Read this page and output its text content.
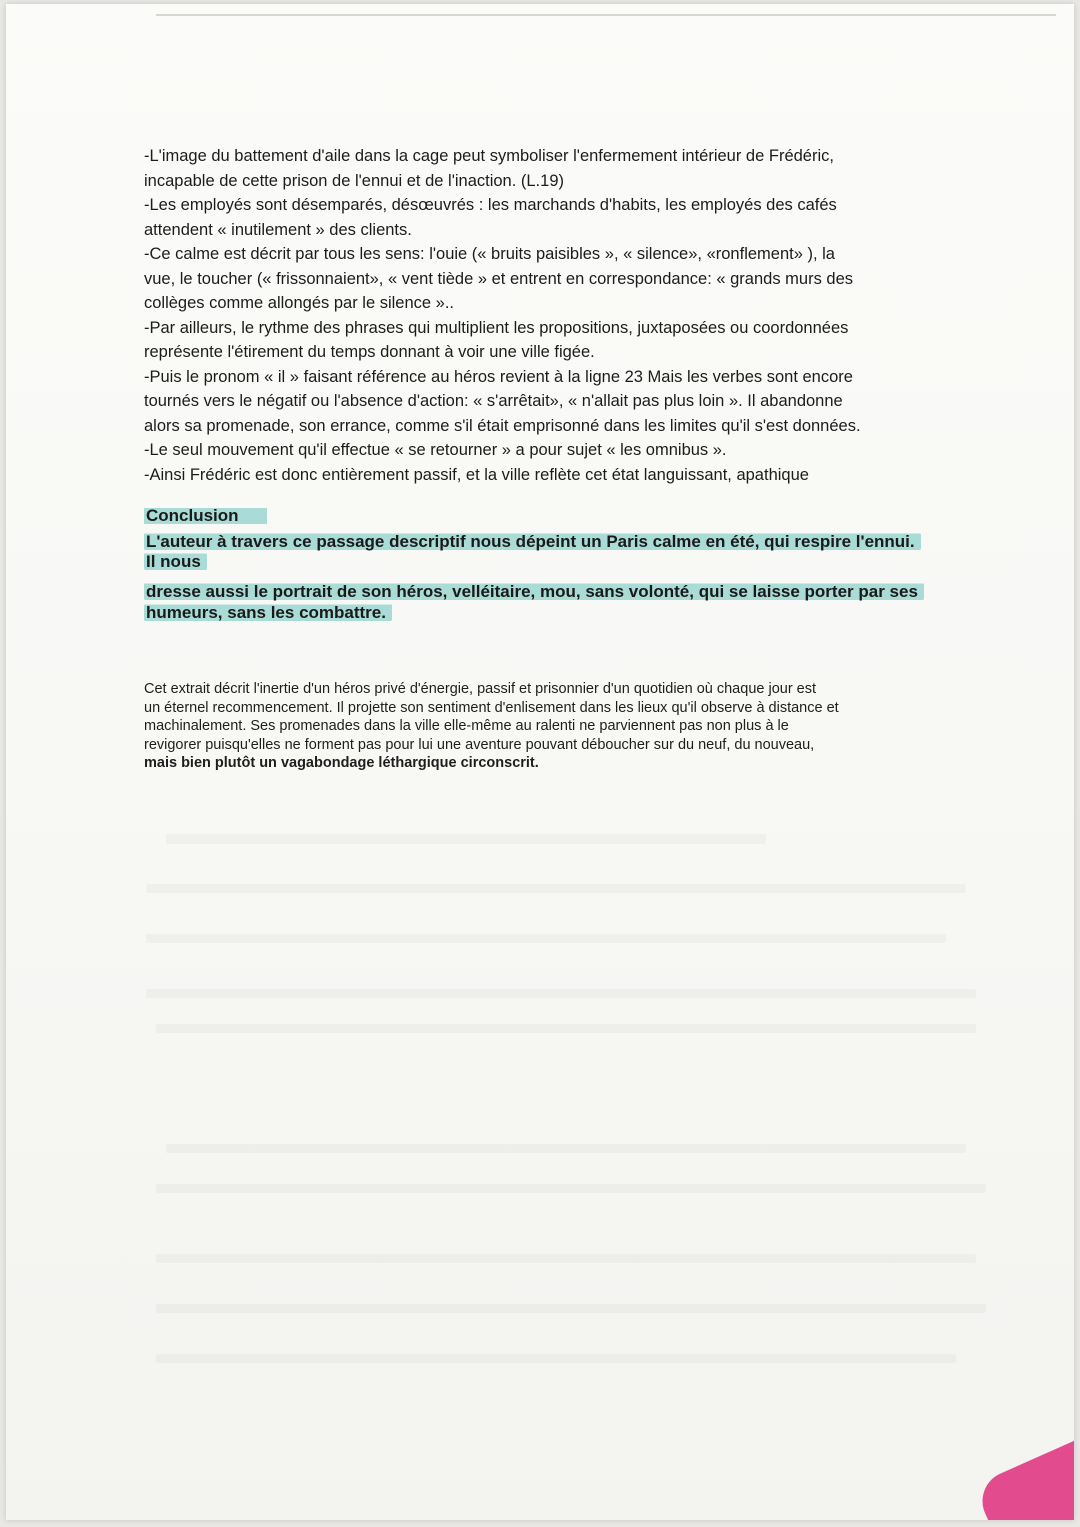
-L'image du battement d'aile dans la cage peut symboliser l'enfermement intérieur de Frédéric,

incapable de cette prison de l'ennui et de l'inaction. (L.19)

-Les employés sont désemparés, désœuvrés : les marchands d'habits, les employés des cafés

attendent « inutilement » des clients.

-Ce calme est décrit par tous les sens: l'ouie (« bruits paisibles », « silence», «ronflement» ), la

vue, le toucher (« frissonnaient», « vent tiède » et entrent en correspondance: « grands murs des

collèges comme allongés par le silence »..

-Par ailleurs, le rythme des phrases qui multiplient les propositions, juxtaposées ou coordonnées

représente l'étirement du temps donnant à voir une ville figée.

-Puis le pronom « il » faisant référence au héros revient à la ligne 23 Mais les verbes sont encore

tournés vers le négatif ou l'absence d'action: « s'arrêtait», « n'allait pas plus loin ». Il abandonne

alors sa promenade, son errance, comme s'il était emprisonné dans les limites qu'il s'est données.

-Le seul mouvement qu'il effectue « se retourner » a pour sujet « les omnibus ».

-Ainsi Frédéric est donc entièrement passif, et la ville reflète cet état languissant, apathique

Conclusion
L'auteur à travers ce passage descriptif nous dépeint un Paris calme en été, qui respire l'ennui.
Il nous
dresse aussi le portrait de son héros, velléitaire, mou, sans volonté, qui se laisse porter par ses
humeurs, sans les combattre.

Cet extrait décrit l'inertie d'un héros privé d'énergie, passif et prisonnier d'un quotidien où chaque jour est

un éternel recommencement. Il projette son sentiment d'enlisement dans les lieux qu'il observe à distance et

machinalement. Ses promenades dans la ville elle-même au ralenti ne parviennent pas non plus à le

revigorer puisqu'elles ne forment pas pour lui une aventure pouvant déboucher sur du neuf, du nouveau,

mais bien plutôt un vagabondage léthargique circonscrit.
